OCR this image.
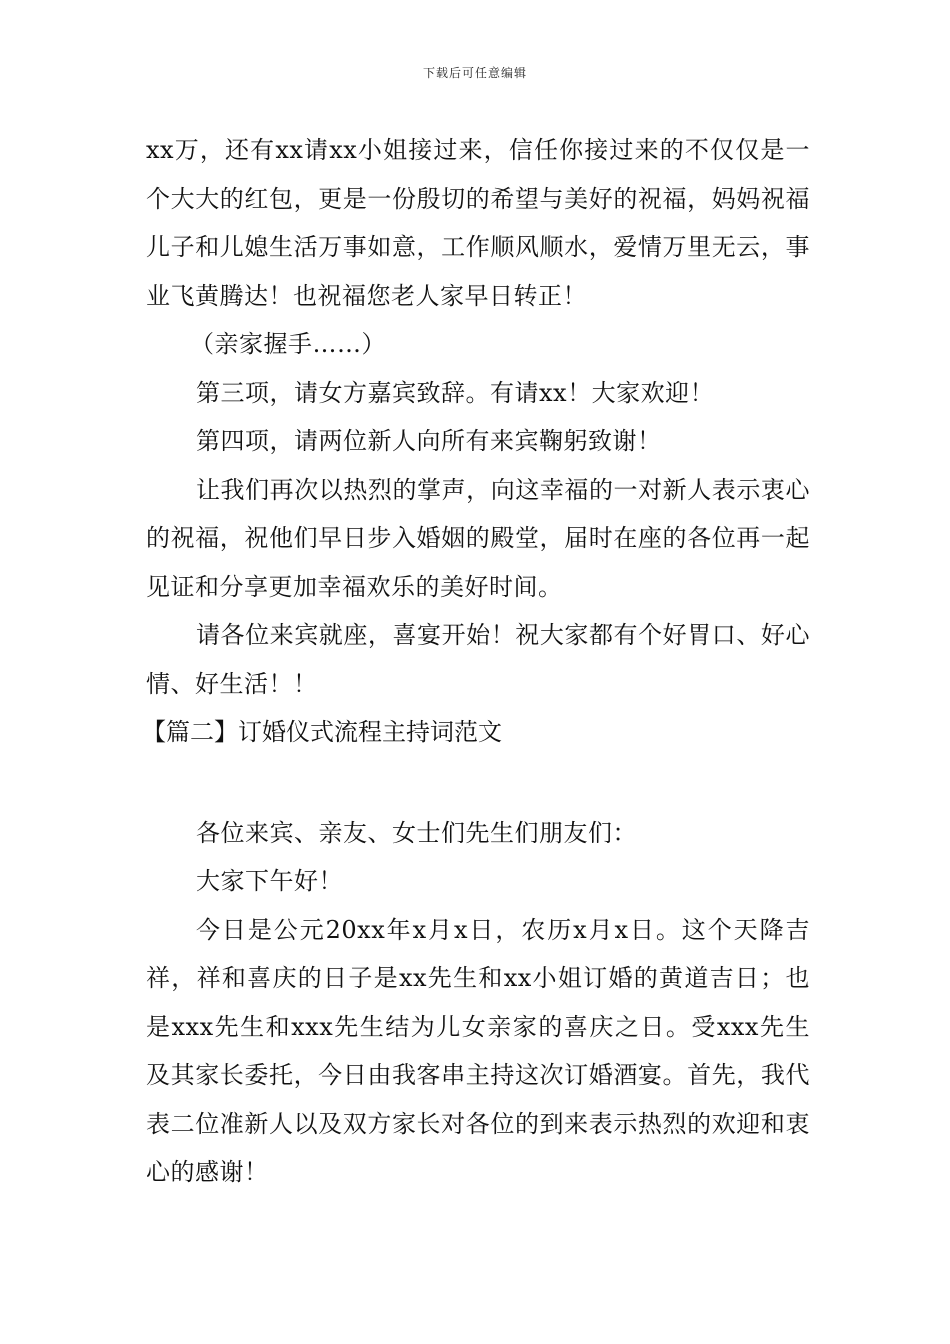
下载后可任意编辑

xx万，还有xx请xx小姐接过来，信任你接过来的不仅仅是一个大大的红包，更是一份殷切的希望与美好的祝福，妈妈祝福儿子和儿媳生活万事如意，工作顺风顺水，爱情万里无云，事业飞黄腾达！也祝福您老人家早日转正！

（亲家握手……）

第三项，请女方嘉宾致辞。有请xx！大家欢迎！

第四项，请两位新人向所有来宾鞠躬致谢！

让我们再次以热烈的掌声，向这幸福的一对新人表示衷心的祝福，祝他们早日步入婚姻的殿堂，届时在座的各位再一起见证和分享更加幸福欢乐的美好时间。

请各位来宾就座，喜宴开始！祝大家都有个好胃口、好心情、好生活！！

【篇二】订婚仪式流程主持词范文

各位来宾、亲友、女士们先生们朋友们：

大家下午好！

今日是公元20xx年x月x日，农历x月x日。这个天降吉祥，祥和喜庆的日子是xx先生和xx小姐订婚的黄道吉日；也是xxx先生和xxx先生结为儿女亲家的喜庆之日。受xxx先生及其家长委托，今日由我客串主持这次订婚酒宴。首先，我代表二位准新人以及双方家长对各位的到来表示热烈的欢迎和衷心的感谢！
